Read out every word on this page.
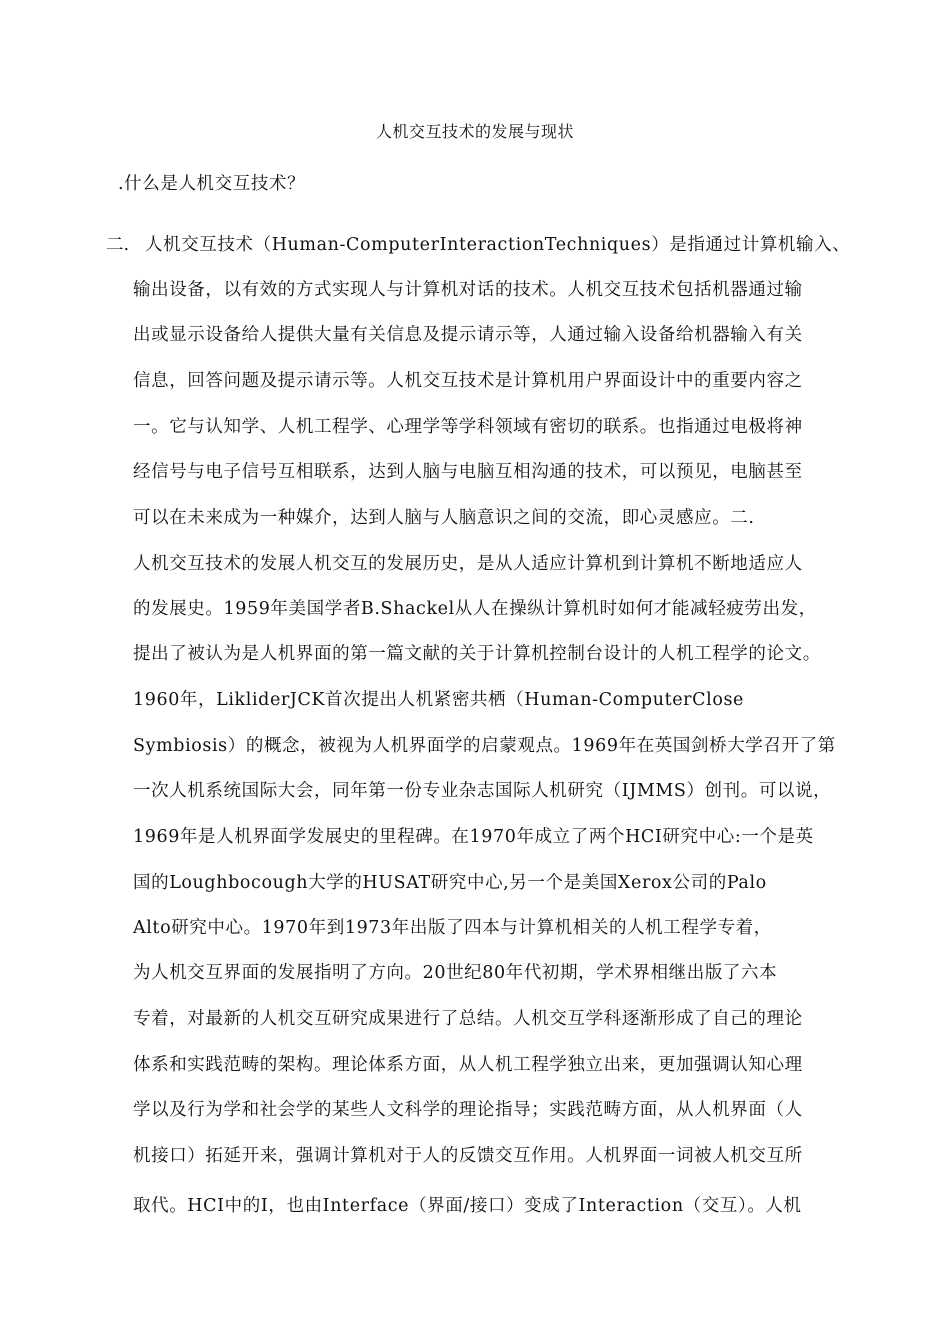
人机交互技术的发展与现状
.什么是人机交互技术？
二. 人机交互技术（Human-ComputerInteractionTechniques）是指通过计算机输入、
输出设备，以有效的方式实现人与计算机对话的技术。人机交互技术包括机器通过输
出或显示设备给人提供大量有关信息及提示请示等，人通过输入设备给机器输入有关
信息，回答问题及提示请示等。人机交互技术是计算机用户界面设计中的重要内容之
一。它与认知学、人机工程学、心理学等学科领域有密切的联系。也指通过电极将神
经信号与电子信号互相联系，达到人脑与电脑互相沟通的技术，可以预见，电脑甚至
可以在未来成为一种媒介，达到人脑与人脑意识之间的交流，即心灵感应。二.
人机交互技术的发展人机交互的发展历史，是从人适应计算机到计算机不断地适应人
的发展史。1959年美国学者B.Shackel从人在操纵计算机时如何才能减轻疲劳出发，
提出了被认为是人机界面的第一篇文献的关于计算机控制台设计的人机工程学的论文。
1960年，LikliderJCK首次提出人机紧密共栖（Human-ComputerClose
Symbiosis）的概念，被视为人机界面学的启蒙观点。1969年在英国剑桥大学召开了第
一次人机系统国际大会，同年第一份专业杂志国际人机研究（IJMMS）创刊。可以说，
1969年是人机界面学发展史的里程碑。在1970年成立了两个HCI研究中心:一个是英
国的Loughbocough大学的HUSAT研究中心,另一个是美国Xerox公司的Palo
Alto研究中心。1970年到1973年出版了四本与计算机相关的人机工程学专着，
为人机交互界面的发展指明了方向。20世纪80年代初期，学术界相继出版了六本
专着，对最新的人机交互研究成果进行了总结。人机交互学科逐渐形成了自己的理论
体系和实践范畴的架构。理论体系方面，从人机工程学独立出来，更加强调认知心理
学以及行为学和社会学的某些人文科学的理论指导；实践范畴方面，从人机界面（人
机接口）拓延开来，强调计算机对于人的反馈交互作用。人机界面一词被人机交互所
取代。HCI中的I，也由Interface（界面/接口）变成了Interaction（交互）。人机
